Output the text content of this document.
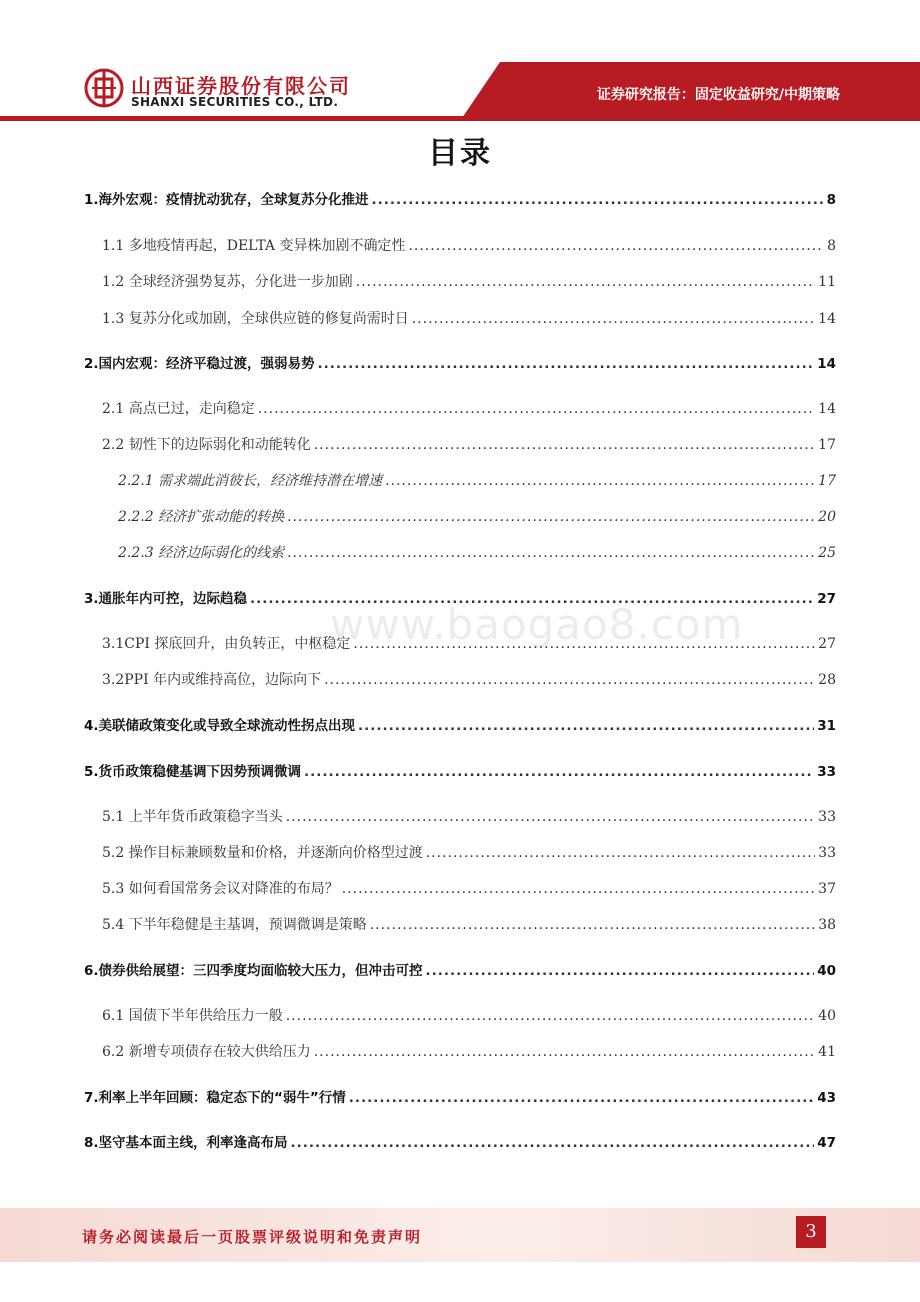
证券研究报告：固定收益研究/中期策略
山西证券股份有限公司
SHANXI SECURITIES CO., LTD.
目录
www.baogao8.com
1.海外宏观：疫情扰动犹存，全球复苏分化推进 .....	8
1.1 多地疫情再起，DELTA 变异株加剧不确定性 .....	8
1.2 全球经济强势复苏，分化进一步加剧 .....	11
1.3 复苏分化或加剧，全球供应链的修复尚需时日 .....	14
2.国内宏观：经济平稳过渡，强弱易势 .....	14
2.1 高点已过，走向稳定 .....	14
2.2 韧性下的边际弱化和动能转化 .....	17
2.2.1 需求端此消彼长，经济维持潜在增速 .....	17
2.2.2 经济扩张动能的转换 .....	20
2.2.3 经济边际弱化的线索 .....	25
3.通胀年内可控，边际趋稳 .....	27
3.1CPI 探底回升，由负转正，中枢稳定 .....	27
3.2PPI 年内或维持高位，边际向下 .....	28
4.美联储政策变化或导致全球流动性拐点出现 .....	31
5.货币政策稳健基调下因势预调微调 .....	33
5.1 上半年货币政策稳字当头 .....	33
5.2 操作目标兼顾数量和价格，并逐渐向价格型过渡 .....	33
5.3 如何看国常务会议对降准的布局？ .....	37
5.4 下半年稳健是主基调，预调微调是策略 .....	38
6.债券供给展望：三四季度均面临较大压力，但冲击可控 .....	40
6.1 国债下半年供给压力一般 .....	40
6.2 新增专项债存在较大供给压力 .....	41
7.利率上半年回顾：稳定态下的“弱牛”行情 .....	43
8.坚守基本面主线，利率逢高布局 .....	47
请务必阅读最后一页股票评级说明和免责声明	3
